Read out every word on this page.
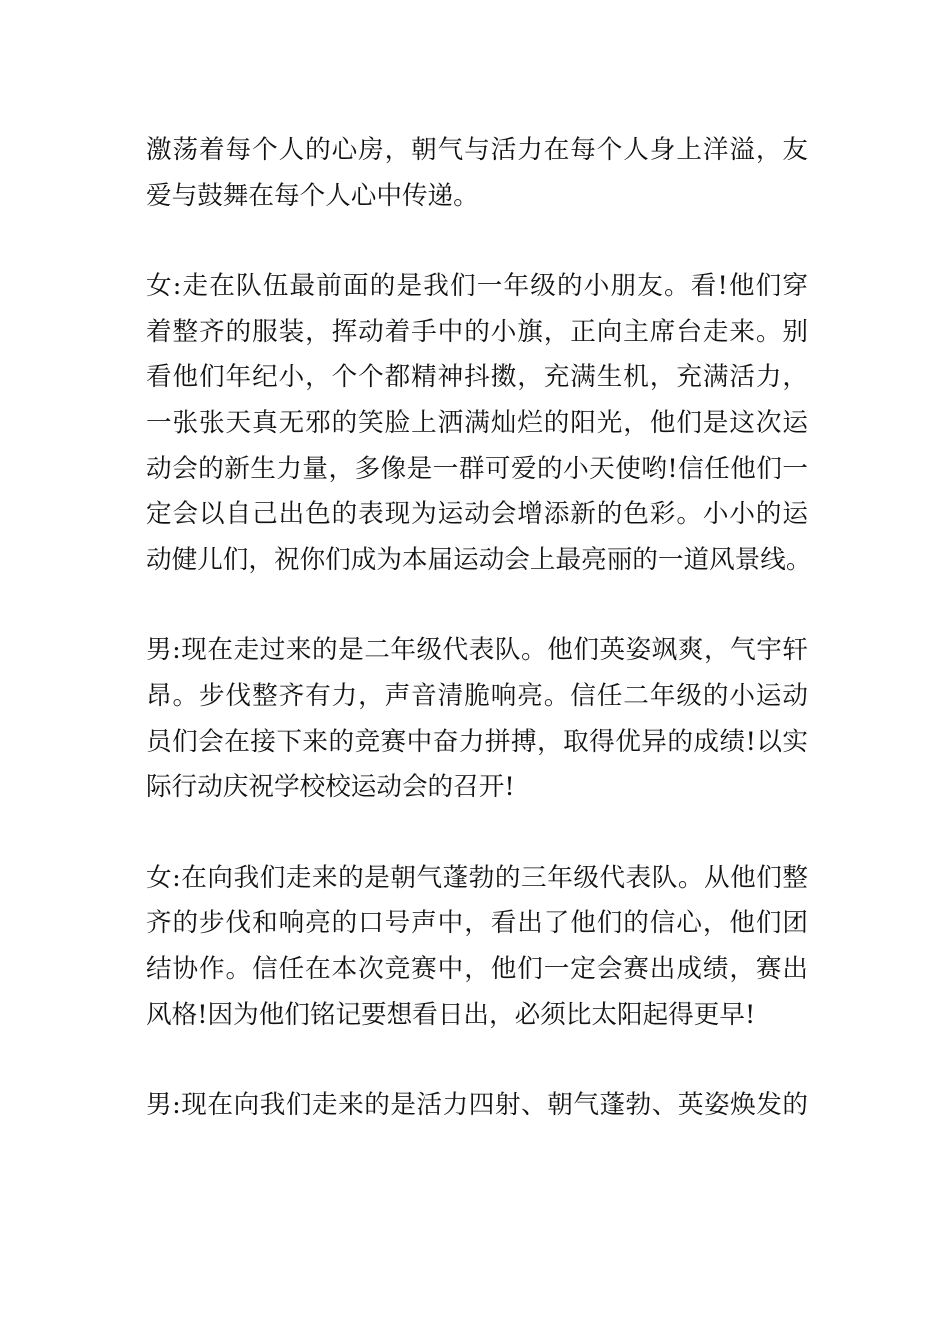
激荡着每个人的心房，朝气与活力在每个人身上洋溢，友
爱与鼓舞在每个人心中传递。

女:走在队伍最前面的是我们一年级的小朋友。看!他们穿
着整齐的服装，挥动着手中的小旗，正向主席台走来。别
看他们年纪小，个个都精神抖擞，充满生机，充满活力，
一张张天真无邪的笑脸上洒满灿烂的阳光，他们是这次运
动会的新生力量，多像是一群可爱的小天使哟!信任他们一
定会以自己出色的表现为运动会增添新的色彩。小小的运
动健儿们，祝你们成为本届运动会上最亮丽的一道风景线。

男:现在走过来的是二年级代表队。他们英姿飒爽，气宇轩
昂。步伐整齐有力，声音清脆响亮。信任二年级的小运动
员们会在接下来的竞赛中奋力拼搏，取得优异的成绩!以实
际行动庆祝学校校运动会的召开!

女:在向我们走来的是朝气蓬勃的三年级代表队。从他们整
齐的步伐和响亮的口号声中，看出了他们的信心，他们团
结协作。信任在本次竞赛中，他们一定会赛出成绩，赛出
风格!因为他们铭记要想看日出，必须比太阳起得更早!

男:现在向我们走来的是活力四射、朝气蓬勃、英姿焕发的
